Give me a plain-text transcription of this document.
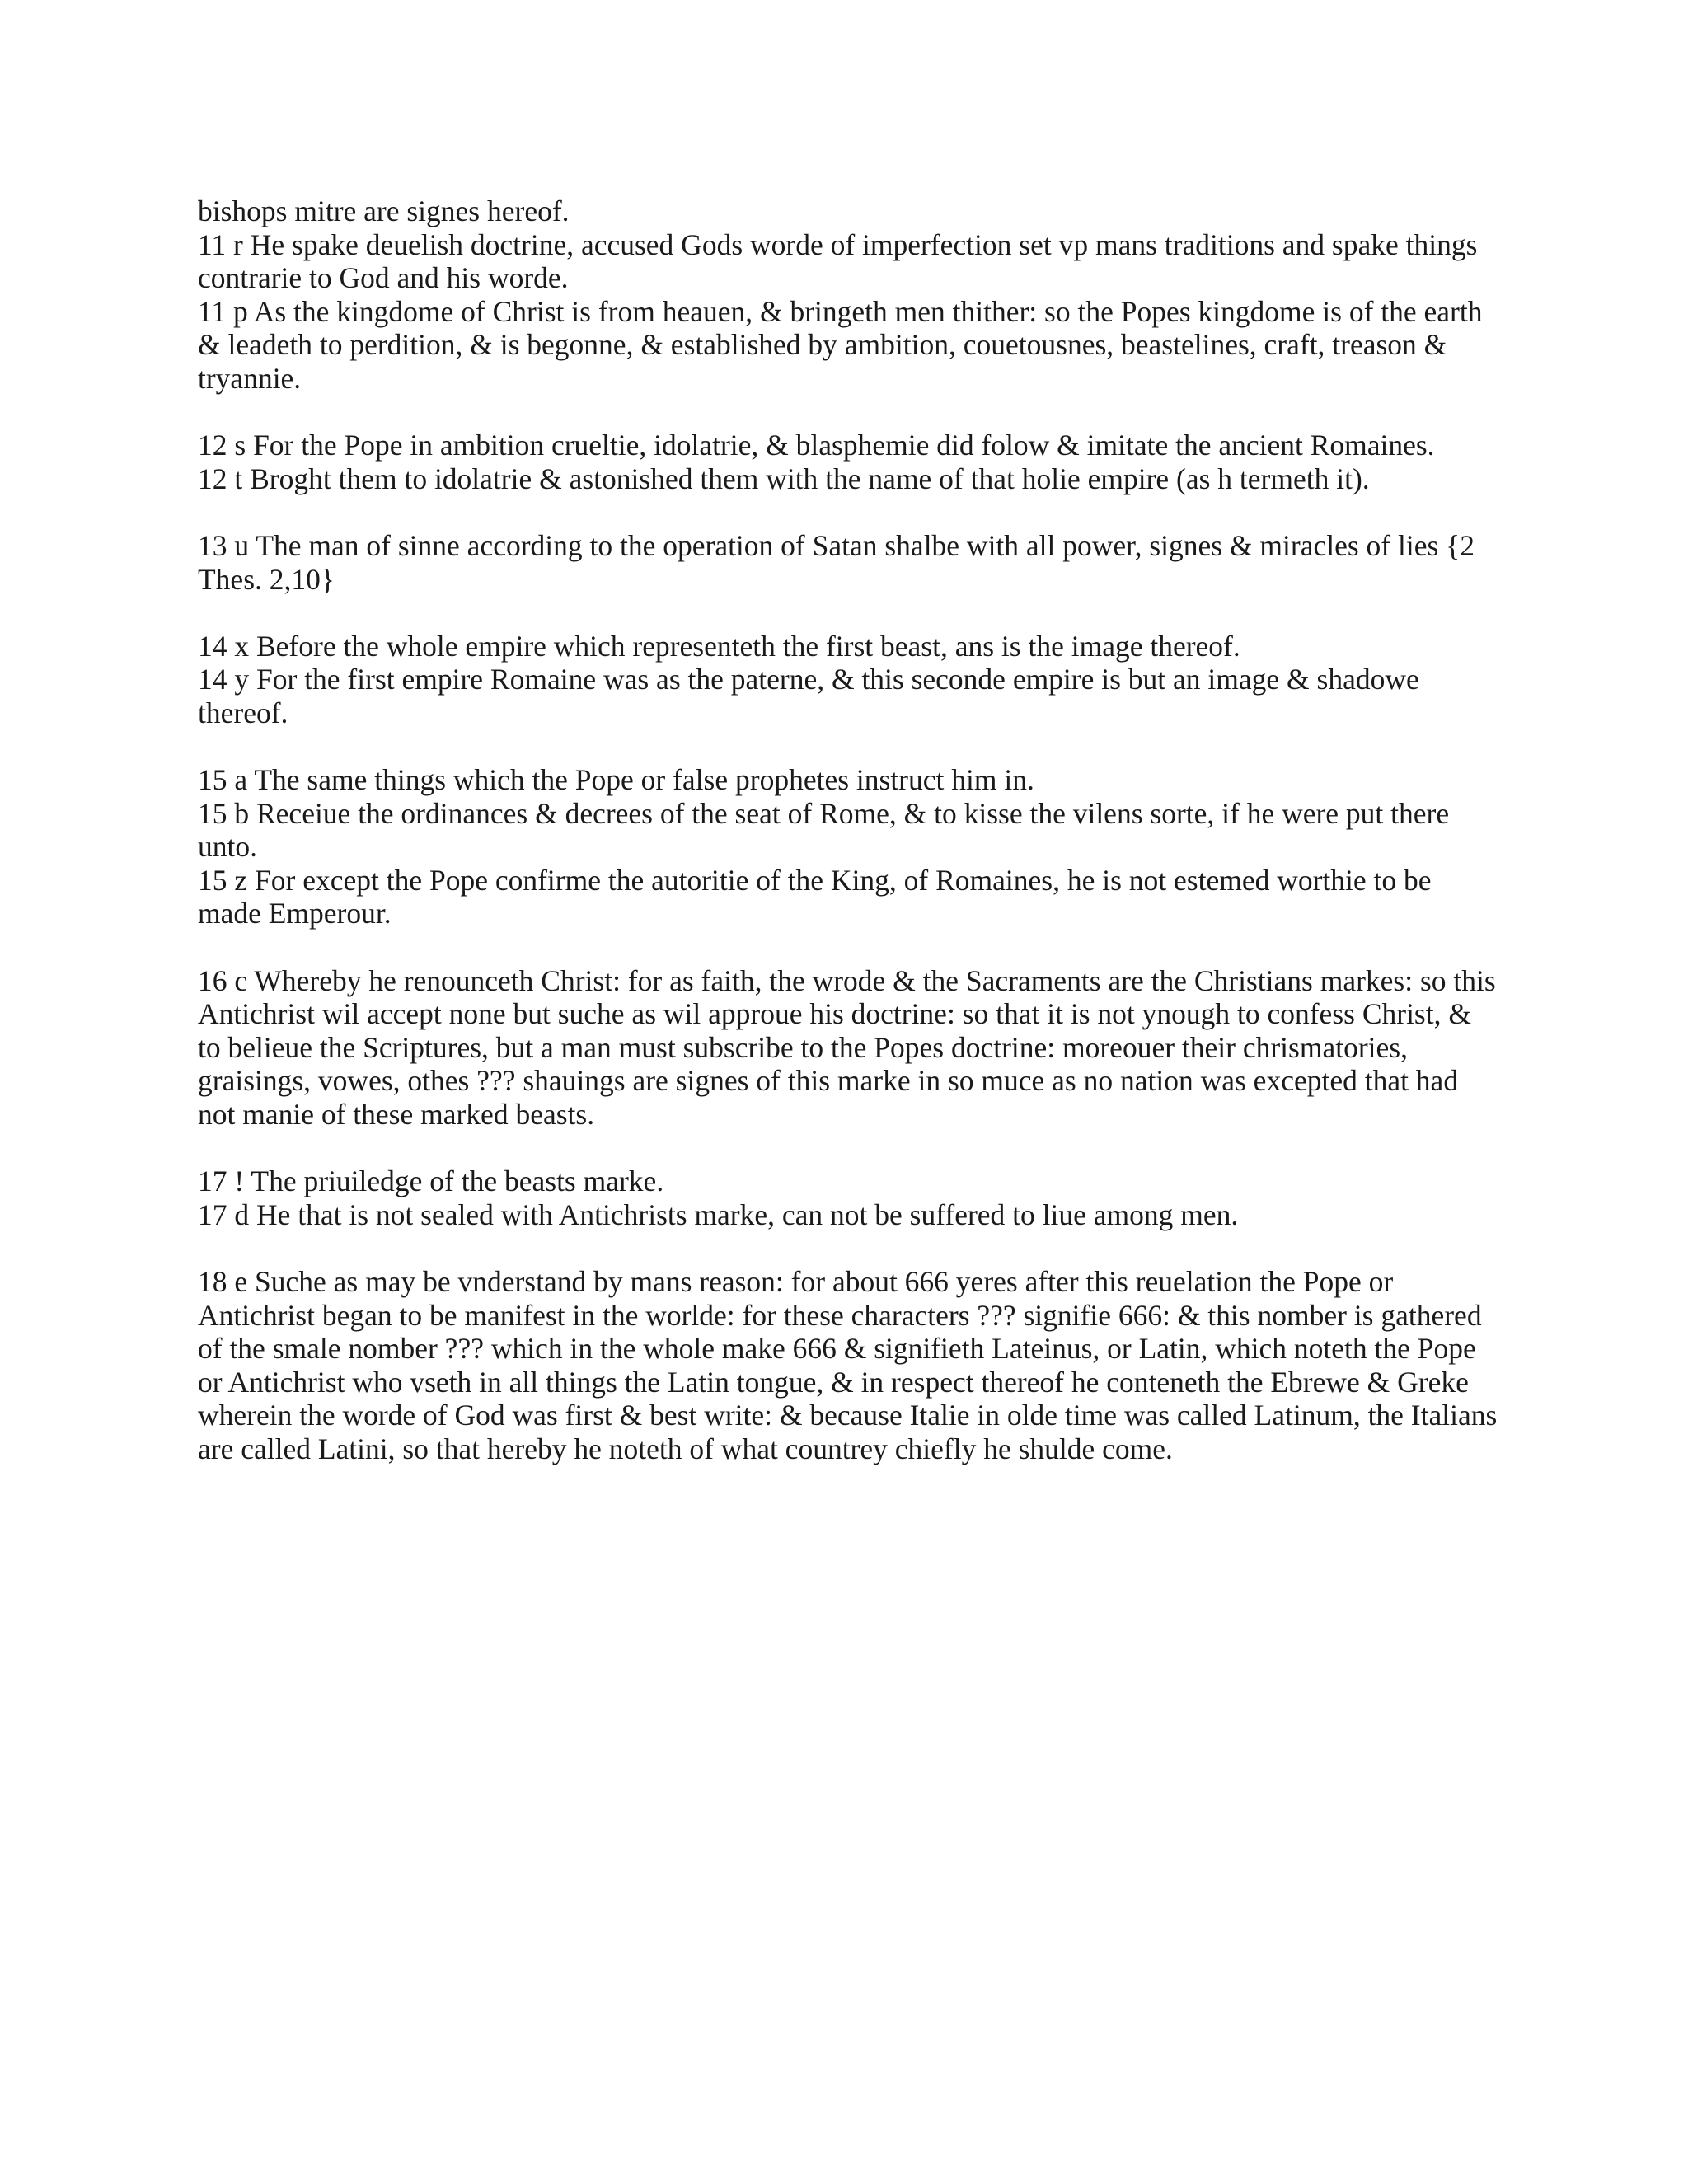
bishops mitre are signes hereof.

11 r He spake deuelish doctrine, accused Gods worde of imperfection set vp mans traditions and spake things contrarie to God and his worde.

11 p As the kingdome of Christ is from heauen, & bringeth men thither: so the Popes kingdome is of the earth & leadeth to perdition, & is begonne, & established by ambition, couetousnes, beastelines, craft, treason & tryannie.

12 s For the Pope in ambition crueltie, idolatrie, & blasphemie did folow & imitate the ancient Romaines.

12 t Broght them to idolatrie & astonished them with the name of that holie empire (as h termeth it).

13 u The man of sinne according to the operation of Satan shalbe with all power, signes & miracles of lies {2 Thes. 2,10}

14 x Before the whole empire which representeth the first beast, ans is the image thereof.

14 y For the first empire Romaine was as the paterne, & this seconde empire is but an image & shadowe thereof.

15 a The same things which the Pope or false prophetes instruct him in.

15 b Receiue the ordinances & decrees of the seat of Rome, & to kisse the vilens sorte, if he were put there unto.

15 z For except the Pope confirme the autoritie of the King, of Romaines, he is not estemed worthie to be made Emperour.

16 c Whereby he renounceth Christ: for as faith, the wrode & the Sacraments are the Christians markes: so this Antichrist wil accept none but suche as wil approue his doctrine: so that it is not ynough to confess Christ, & to belieue the Scriptures, but a man must subscribe to the Popes doctrine: moreouer their chrismatories, graisings, vowes, othes ??? shauings are signes of this marke in so muce as no nation was excepted that had not manie of these marked beasts.

17 ! The priuiledge of the beasts marke.

17 d He that is not sealed with Antichrists marke, can not be suffered to liue among men.

18 e Suche as may be vnderstand by mans reason: for about 666 yeres after this reuelation the Pope or Antichrist began to be manifest in the worlde: for these characters ??? signifie 666: & this nomber is gathered of the smale nomber ??? which in the whole make 666 & signifieth Lateinus, or Latin, which noteth the Pope or Antichrist who vseth in all things the Latin tongue, & in respect thereof he conteneth the Ebrewe & Greke wherein the worde of God was first & best write: & because Italie in olde time was called Latinum, the Italians are called Latini, so that hereby he noteth of what countrey chiefly he shulde come.
